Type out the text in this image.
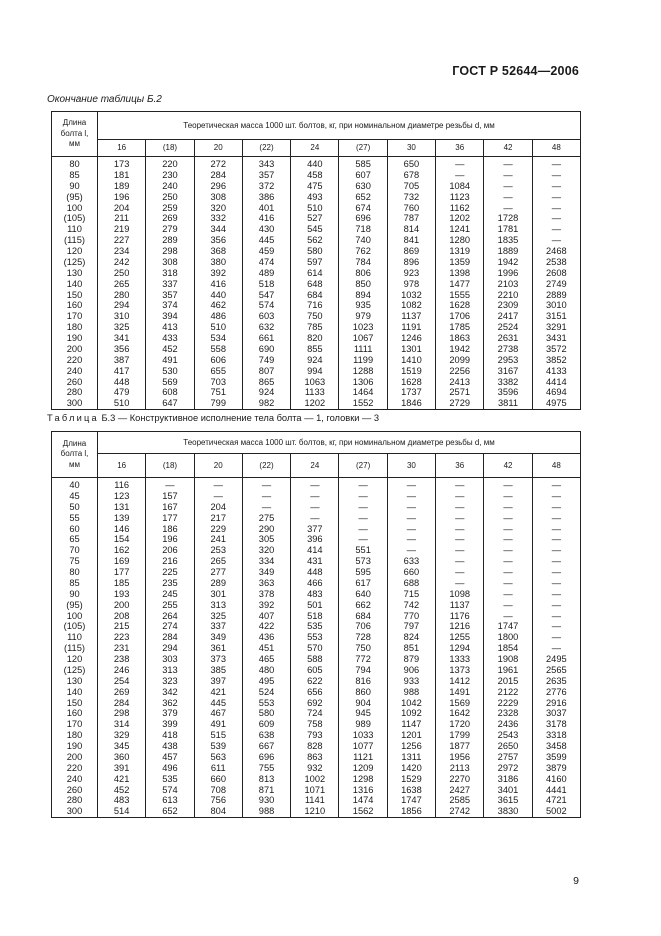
ГОСТ Р 52644—2006
Окончание таблицы Б.2
Длина
болта l,
мм	Теоретическая масса 1000 шт. болтов, кг, при номинальном диаметре резьбы d, мм									
	16	(18)	20	(22)	24	(27)	30	36	42	48
80	173	220	272	343	440	585	650	—	—	—
85	181	230	284	357	458	607	678	—	—	—
90	189	240	296	372	475	630	705	1084	—	—
(95)	196	250	308	386	493	652	732	1123	—	—
100	204	259	320	401	510	674	760	1162	—	—
(105)	211	269	332	416	527	696	787	1202	1728	—
110	219	279	344	430	545	718	814	1241	1781	—
(115)	227	289	356	445	562	740	841	1280	1835	—
120	234	298	368	459	580	762	869	1319	1889	2468
(125)	242	308	380	474	597	784	896	1359	1942	2538
130	250	318	392	489	614	806	923	1398	1996	2608
140	265	337	416	518	648	850	978	1477	2103	2749
150	280	357	440	547	684	894	1032	1555	2210	2889
160	294	374	462	574	716	935	1082	1628	2309	3010
170	310	394	486	603	750	979	1137	1706	2417	3151
180	325	413	510	632	785	1023	1191	1785	2524	3291
190	341	433	534	661	820	1067	1246	1863	2631	3431
200	356	452	558	690	855	1111	1301	1942	2738	3572
220	387	491	606	749	924	1199	1410	2099	2953	3852
240	417	530	655	807	994	1288	1519	2256	3167	4133
260	448	569	703	865	1063	1306	1628	2413	3382	4414
280	479	608	751	924	1133	1464	1737	2571	3596	4694
300	510	647	799	982	1202	1552	1846	2729	3811	4975
Таблица Б.3 — Конструктивное исполнение тела болта — 1, головки — 3
Длина
болта l,
мм	Теоретическая масса 1000 шт. болтов, кг, при номинальном диаметре резьбы d, мм									
	16	(18)	20	(22)	24	(27)	30	36	42	48
40	116	—	—	—	—	—	—	—	—	—
45	123	157	—	—	—	—	—	—	—	—
50	131	167	204	—	—	—	—	—	—	—
55	139	177	217	275	—	—	—	—	—	—
60	146	186	229	290	377	—	—	—	—	—
65	154	196	241	305	396	—	—	—	—	—
70	162	206	253	320	414	551	—	—	—	—
75	169	216	265	334	431	573	633	—	—	—
80	177	225	277	349	448	595	660	—	—	—
85	185	235	289	363	466	617	688	—	—	—
90	193	245	301	378	483	640	715	1098	—	—
(95)	200	255	313	392	501	662	742	1137	—	—
100	208	264	325	407	518	684	770	1176	—	—
(105)	215	274	337	422	535	706	797	1216	1747	—
110	223	284	349	436	553	728	824	1255	1800	—
(115)	231	294	361	451	570	750	851	1294	1854	—
120	238	303	373	465	588	772	879	1333	1908	2495
(125)	246	313	385	480	605	794	906	1373	1961	2565
130	254	323	397	495	622	816	933	1412	2015	2635
140	269	342	421	524	656	860	988	1491	2122	2776
150	284	362	445	553	692	904	1042	1569	2229	2916
160	298	379	467	580	724	945	1092	1642	2328	3037
170	314	399	491	609	758	989	1147	1720	2436	3178
180	329	418	515	638	793	1033	1201	1799	2543	3318
190	345	438	539	667	828	1077	1256	1877	2650	3458
200	360	457	563	696	863	1121	1311	1956	2757	3599
220	391	496	611	755	932	1209	1420	2113	2972	3879
240	421	535	660	813	1002	1298	1529	2270	3186	4160
260	452	574	708	871	1071	1316	1638	2427	3401	4441
280	483	613	756	930	1141	1474	1747	2585	3615	4721
300	514	652	804	988	1210	1562	1856	2742	3830	5002
9
